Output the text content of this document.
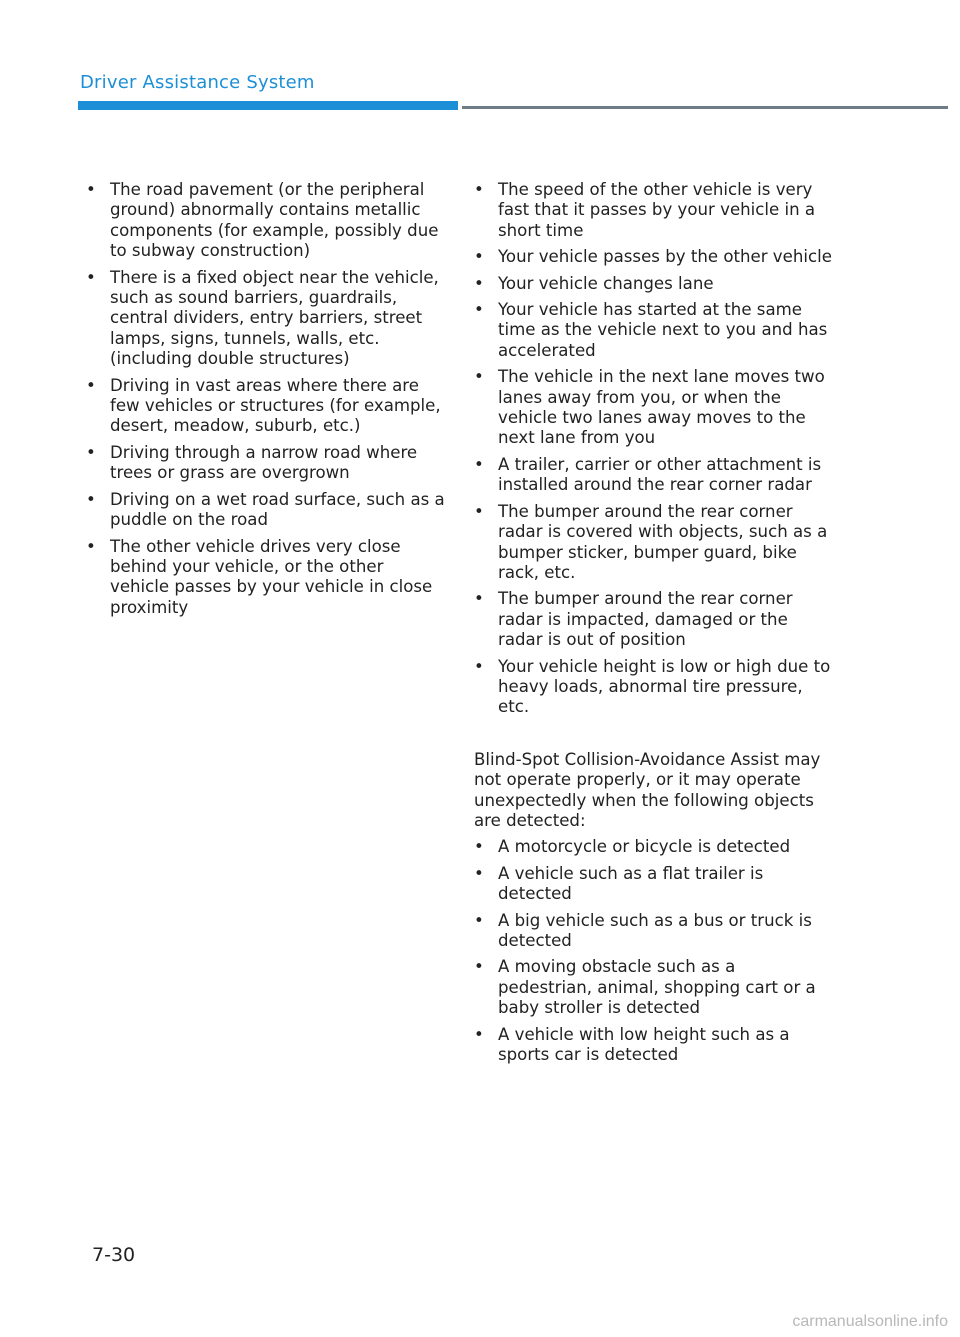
Driver Assistance System
• The road pavement (or the peripheral ground) abnormally contains metallic components (for example, possibly due to subway construction)
• There is a fixed object near the vehicle, such as sound barriers, guardrails, central dividers, entry barriers, street lamps, signs, tunnels, walls, etc. (including double structures)
• Driving in vast areas where there are few vehicles or structures (for example, desert, meadow, suburb, etc.)
• Driving through a narrow road where trees or grass are overgrown
• Driving on a wet road surface, such as a puddle on the road
• The other vehicle drives very close behind your vehicle, or the other vehicle passes by your vehicle in close proximity
• The speed of the other vehicle is very fast that it passes by your vehicle in a short time
• Your vehicle passes by the other vehicle
• Your vehicle changes lane
• Your vehicle has started at the same time as the vehicle next to you and has accelerated
• The vehicle in the next lane moves two lanes away from you, or when the vehicle two lanes away moves to the next lane from you
• A trailer, carrier or other attachment is installed around the rear corner radar
• The bumper around the rear corner radar is covered with objects, such as a bumper sticker, bumper guard, bike rack, etc.
• The bumper around the rear corner radar is impacted, damaged or the radar is out of position
• Your vehicle height is low or high due to heavy loads, abnormal tire pressure, etc.

Blind-Spot Collision-Avoidance Assist may not operate properly, or it may operate unexpectedly when the following objects are detected:

• A motorcycle or bicycle is detected
• A vehicle such as a flat trailer is detected
• A big vehicle such as a bus or truck is detected
• A moving obstacle such as a pedestrian, animal, shopping cart or a baby stroller is detected
• A vehicle with low height such as a sports car is detected
7-30
carmanualsonline.info
